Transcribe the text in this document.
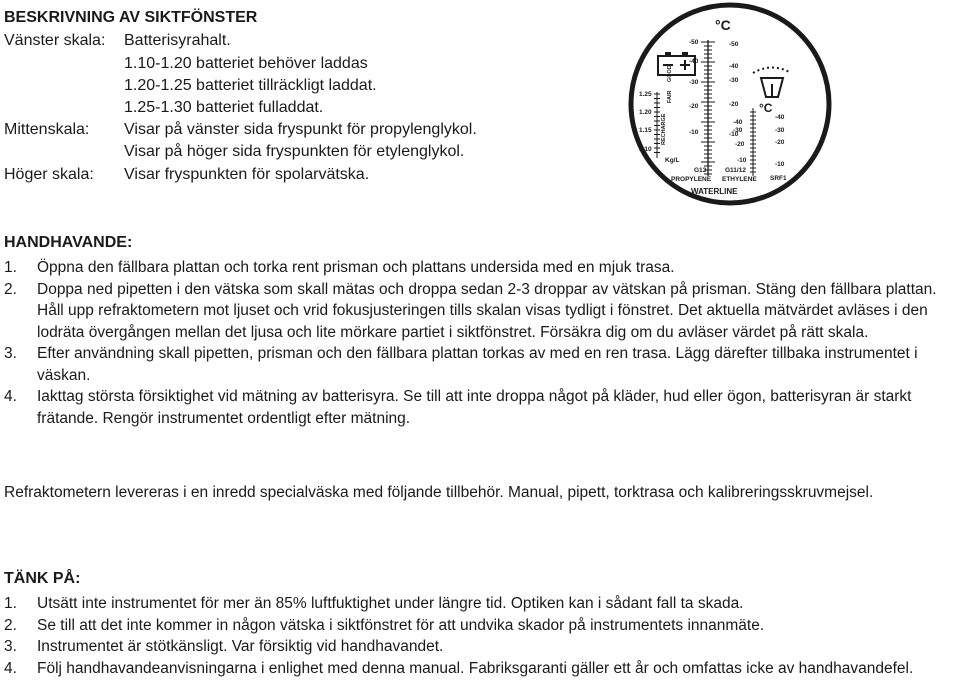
BESKRIVNING AV SIKTFÖNSTER
Vänster skala: Batterisyrahalt.
1.10-1.20 batteriet behöver laddas
1.20-1.25 batteriet tillräckligt laddat.
1.25-1.30 batteriet fulladdat.
Mittenskala: Visar på vänster sida fryspunkt för propylenglykol.
Visar på höger sida fryspunkten för etylenglykol.
Höger skala: Visar fryspunkten för spolarvätska.
°C
°C
1.25
1.20
1.15
1.10
Kg/L
FAIR
GOOD
RECHARGE
-50
-40
-30
-20
-10
-50
-40
-30
-20
-40
-30
-10
-20
-10
-40
-30
-20
-10
G13
PROPYLENE
G11/12
ETHYLENE SRF1
WATERLINE
HANDHAVANDE:
1. Öppna den fällbara plattan och torka rent prisman och plattans undersida med en mjuk trasa.
2. Doppa ned pipetten i den vätska som skall mätas och droppa sedan 2-3 droppar av vätskan på prisman. Stäng den fällbara plattan. Håll upp refraktometern mot ljuset och vrid fokusjusteringen tills skalan visas tydligt i fönstret. Det aktuella mätvärdet avläses i den lodräta övergången mellan det ljusa och lite mörkare partiet i siktfönstret. Försäkra dig om du avläser värdet på rätt skala.
3. Efter användning skall pipetten, prisman och den fällbara plattan torkas av med en ren trasa. Lägg därefter tillbaka instrumentet i väskan.
4. Iakttag största försiktighet vid mätning av batterisyra. Se till att inte droppa något på kläder, hud eller ögon, batterisyran är starkt frätande. Rengör instrumentet ordentligt efter mätning.
Refraktometern levereras i en inredd specialväska med följande tillbehör. Manual, pipett, torktrasa och kalibreringsskruvmejsel.
TÄNK PÅ:
1. Utsätt inte instrumentet för mer än 85% luftfuktighet under längre tid. Optiken kan i sådant fall ta skada.
2. Se till att det inte kommer in någon vätska i siktfönstret för att undvika skador på instrumentets innanmäte.
3. Instrumentet är stötkänsligt. Var försiktig vid handhavandet.
4. Följ handhavandeanvisningarna i enlighet med denna manual. Fabriksgaranti gäller ett år och omfattas icke av handhavandefel.
